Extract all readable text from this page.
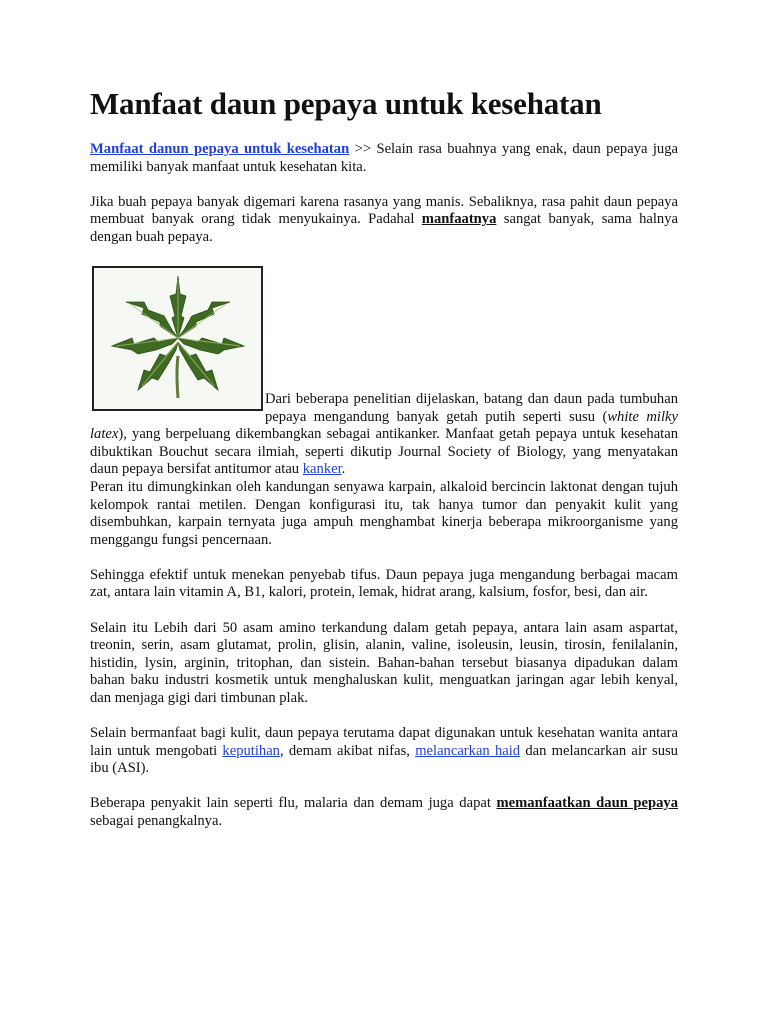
Manfaat daun pepaya untuk kesehatan

Manfaat danun pepaya untuk kesehatan >> Selain rasa buahnya yang enak, daun pepaya juga memiliki banyak manfaat untuk kesehatan kita.

Jika buah pepaya banyak digemari karena rasanya yang manis. Sebaliknya, rasa pahit daun pepaya membuat banyak orang tidak menyukainya. Padahal manfaatnya sangat banyak, sama halnya dengan buah pepaya.

Dari beberapa penelitian dijelaskan, batang dan daun pada tumbuhan pepaya mengandung banyak getah putih seperti susu (white milky latex), yang berpeluang dikembangkan sebagai antikanker. Manfaat getah pepaya untuk kesehatan dibuktikan Bouchut secara ilmiah, seperti dikutip Journal Society of Biology, yang menyatakan daun pepaya bersifat antitumor atau kanker.
Peran itu dimungkinkan oleh kandungan senyawa karpain, alkaloid bercincin laktonat dengan tujuh kelompok rantai metilen. Dengan konfigurasi itu, tak hanya tumor dan penyakit kulit yang disembuhkan, karpain ternyata juga ampuh menghambat kinerja beberapa mikroorganisme yang menggangu fungsi pencernaan.

Sehingga efektif untuk menekan penyebab tifus. Daun pepaya juga mengandung berbagai macam zat, antara lain vitamin A, B1, kalori, protein, lemak, hidrat arang, kalsium, fosfor, besi, dan air.

Selain itu Lebih dari 50 asam amino terkandung dalam getah pepaya, antara lain asam aspartat, treonin, serin, asam glutamat, prolin, glisin, alanin, valine, isoleusin, leusin, tirosin, fenilalanin, histidin, lysin, arginin, tritophan, dan sistein. Bahan-bahan tersebut biasanya dipadukan dalam bahan baku industri kosmetik untuk menghaluskan kulit, menguatkan jaringan agar lebih kenyal, dan menjaga gigi dari timbunan plak.

Selain bermanfaat bagi kulit, daun pepaya terutama dapat digunakan untuk kesehatan wanita antara lain untuk mengobati keputihan, demam akibat nifas, melancarkan haid dan melancarkan air susu ibu (ASI).

Beberapa penyakit lain seperti flu, malaria dan demam juga dapat memanfaatkan daun pepaya sebagai penangkalnya.
